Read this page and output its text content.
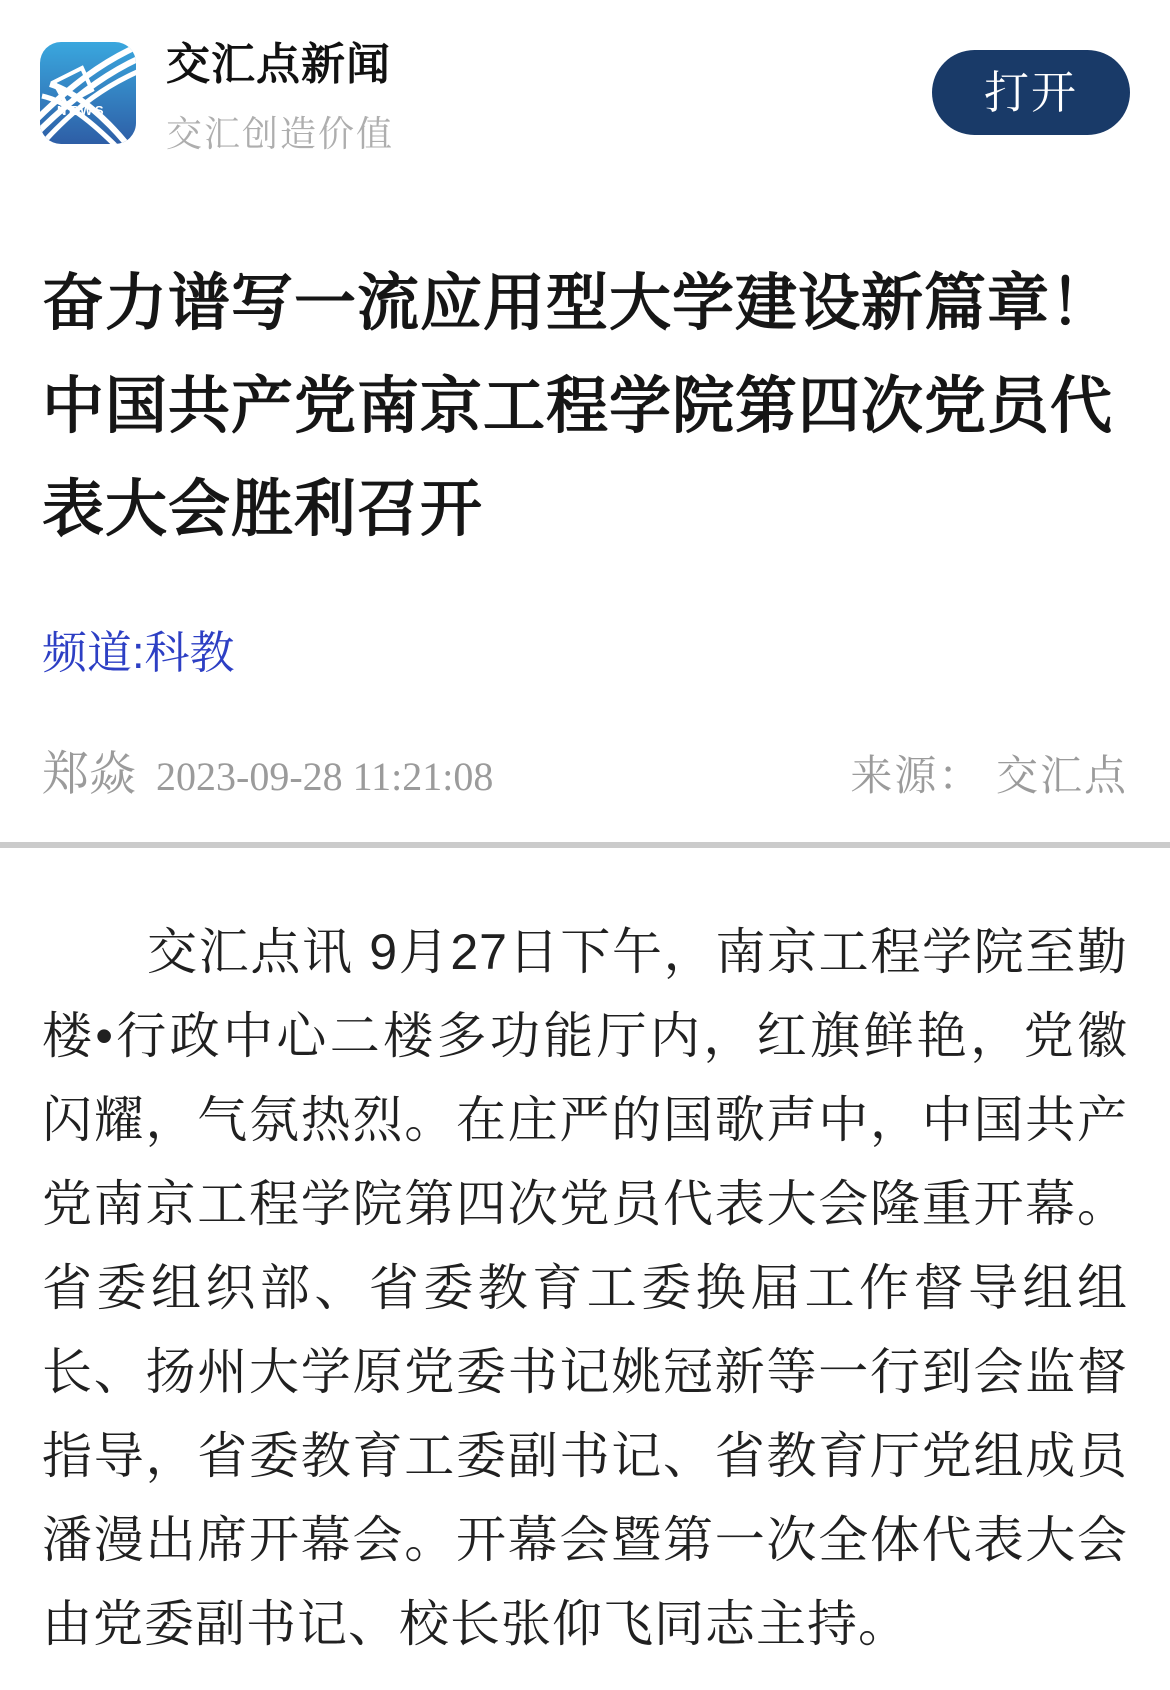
NEWS
交汇点新闻
交汇创造价值
打开
奋力谱写一流应用型大学建设新篇章！中国共产党南京工程学院第四次党员代表大会胜利召开
频道:科教
郑焱 2023-09-28 11:21:08	来源： 交汇点

交汇点讯 9月27日下午，南京工程学院至勤楼•行政中心二楼多功能厅内，红旗鲜艳，党徽闪耀，气氛热烈。在庄严的国歌声中，中国共产党南京工程学院第四次党员代表大会隆重开幕。省委组织部、省委教育工委换届工作督导组组长、扬州大学原党委书记姚冠新等一行到会监督指导，省委教育工委副书记、省教育厅党组成员潘漫出席开幕会。开幕会暨第一次全体代表大会由党委副书记、校长张仰飞同志主持。
